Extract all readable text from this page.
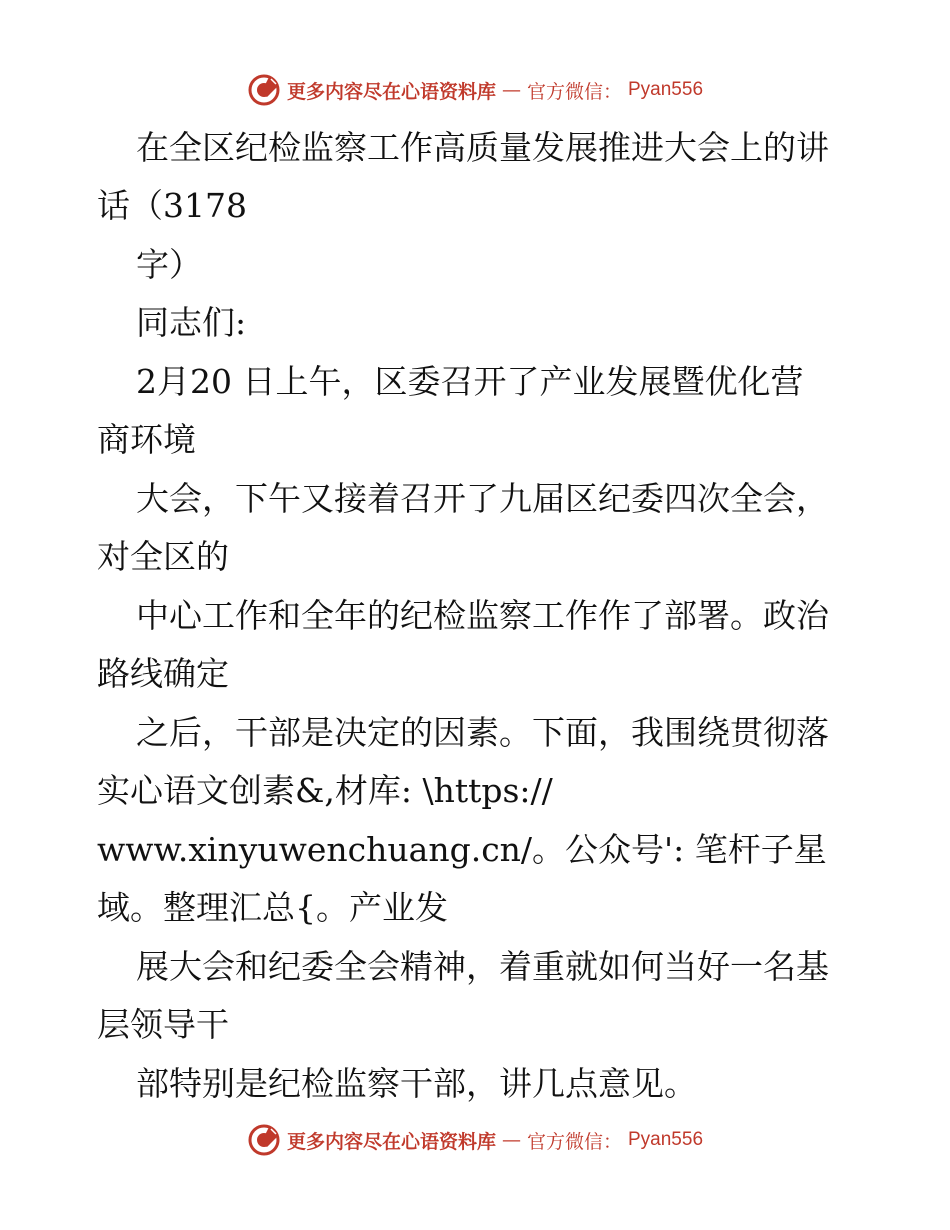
更多内容尽在心语资料库 — 官方微信： Pyan556
在全区纪检监察工作高质量发展推进大会上的讲
话（3178
字）
同志们:
2月20 日上午，区委召开了产业发展暨优化营
商环境
大会，下午又接着召开了九届区纪委四次全会，
对全区的
中心工作和全年的纪检监察工作作了部署。政治
路线确定
之后，干部是决定的因素。下面，我围绕贯彻落
实心语文创素&,材库: \https://
www.xinyuwenchuang.cn/。公众号': 笔杆子星
域。整理汇总{。产业发
展大会和纪委全会精神，着重就如何当好一名基
层领导干
部特别是纪检监察干部，讲几点意见。
更多内容尽在心语资料库 — 官方微信： Pyan556
